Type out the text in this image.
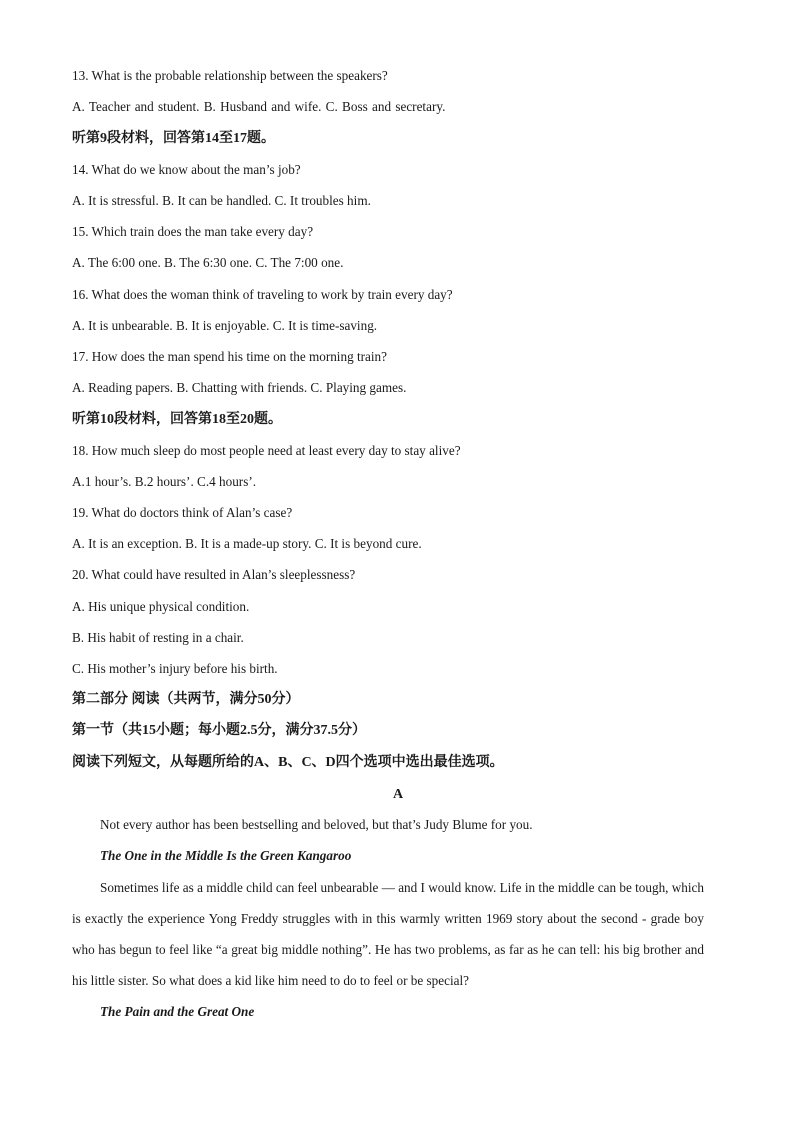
13. What is the probable relationship between the speakers?
A. Teacher and student. B. Husband and wife. C. Boss and secretary.
听第9段材料，回答第14至17题。
14. What do we know about the man’s job?
A. It is stressful. B. It can be handled. C. It troubles him.
15. Which train does the man take every day?
A. The 6:00 one. B. The 6:30 one. C. The 7:00 one.
16. What does the woman think of traveling to work by train every day?
A. It is unbearable. B. It is enjoyable. C. It is time-saving.
17. How does the man spend his time on the morning train?
A. Reading papers. B. Chatting with friends. C. Playing games.
听第10段材料，回答第18至20题。
18. How much sleep do most people need at least every day to stay alive?
A.1 hour’s. B.2 hours’. C.4 hours’.
19. What do doctors think of Alan’s case?
A. It is an exception. B. It is a made-up story. C. It is beyond cure.
20. What could have resulted in Alan’s sleeplessness?
A. His unique physical condition.
B. His habit of resting in a chair.
C. His mother’s injury before his birth.
第二部分 阅读（共两节，满分50分）
第一节（共15小题；每小题2.5分，满分37.5分）
阅读下列短文，从每题所给的A、B、C、D四个选项中选出最佳选项。
A
Not every author has been bestselling and beloved, but that’s Judy Blume for you.
The One in the Middle Is the Green Kangaroo
Sometimes life as a middle child can feel unbearable — and I would know. Life in the middle can be tough, which is exactly the experience Yong Freddy struggles with in this warmly written 1969 story about the second - grade boy who has begun to feel like “a great big middle nothing”. He has two problems, as far as he can tell: his big brother and his little sister. So what does a kid like him need to do to feel or be special?
The Pain and the Great One
